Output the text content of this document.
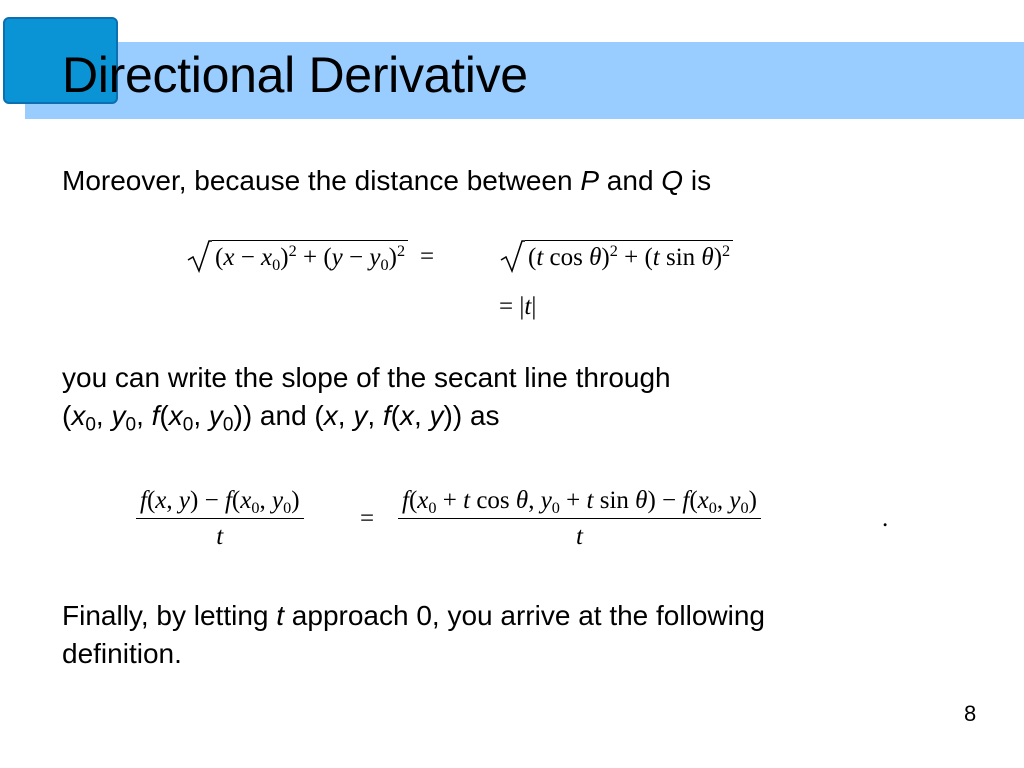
Directional Derivative

Moreover, because the distance between P and Q is

$(x - x_0)^2 + (y - y_0)^2$ =	(t cos θ)$^2$ + (t sin θ)$^2$
= |t|

you can write the slope of the secant line through
($x_0$, $y_0$, $f(x_0$, $y_0$)) and (x, y, f(x, y)) as

$\frac{f(x, y) - f(x_0, y_0)}{t} = \frac{f(x_0 + t \cos \theta, y_0 + t \sin \theta) - f(x_0, y_0)}{t}$	.

Finally, by letting t approach 0, you arrive at the following
definition.

8
